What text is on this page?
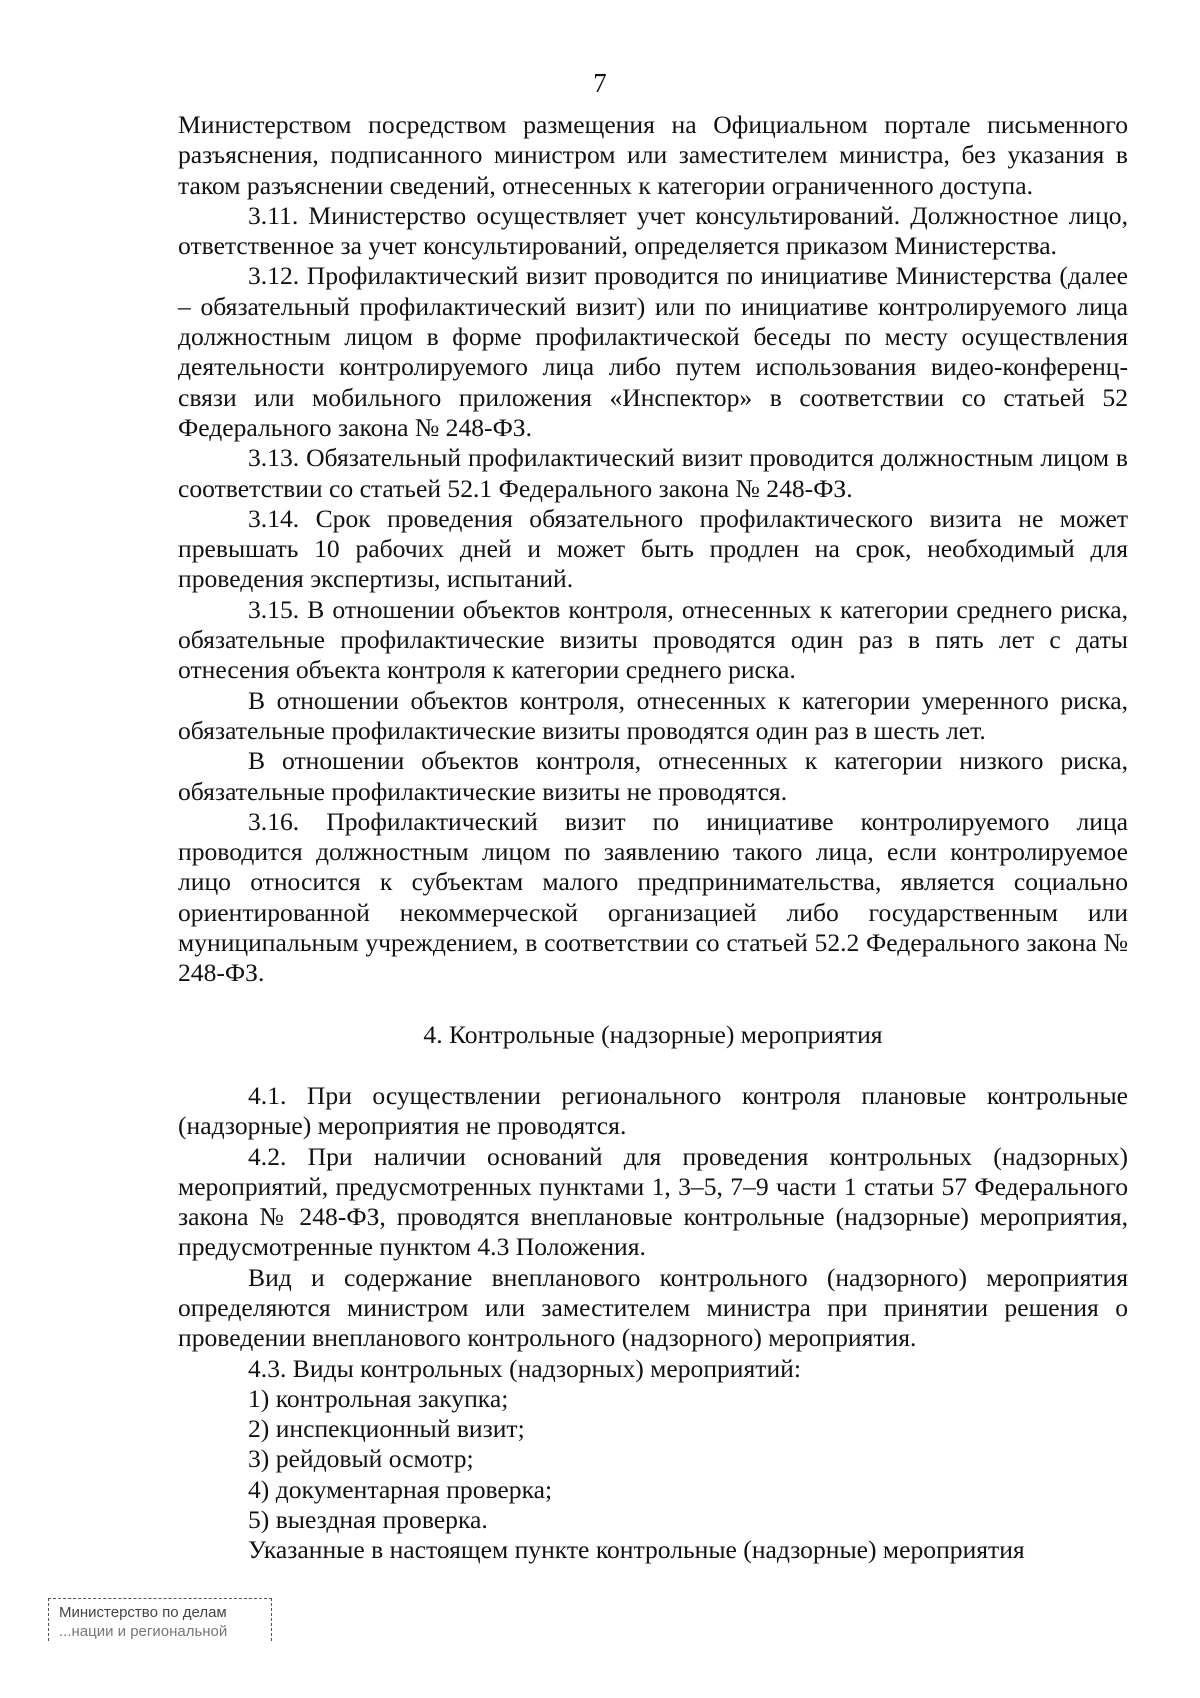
7

Министерством посредством размещения на Официальном портале письменного разъяснения, подписанного министром или заместителем министра, без указания в таком разъяснении сведений, отнесенных к категории ограниченного доступа.

3.11. Министерство осуществляет учет консультирований. Должностное лицо, ответственное за учет консультирований, определяется приказом Министерства.

3.12. Профилактический визит проводится по инициативе Министерства (далее – обязательный профилактический визит) или по инициативе контролируемого лица должностным лицом в форме профилактической беседы по месту осуществления деятельности контролируемого лица либо путем использования видео-конференц-связи или мобильного приложения «Инспектор» в соответствии со статьей 52 Федерального закона № 248-ФЗ.

3.13. Обязательный профилактический визит проводится должностным лицом в соответствии со статьей 52.1 Федерального закона № 248-ФЗ.

3.14. Срок проведения обязательного профилактического визита не может превышать 10 рабочих дней и может быть продлен на срок, необходимый для проведения экспертизы, испытаний.

3.15. В отношении объектов контроля, отнесенных к категории среднего риска, обязательные профилактические визиты проводятся один раз в пять лет с даты отнесения объекта контроля к категории среднего риска.

В отношении объектов контроля, отнесенных к категории умеренного риска, обязательные профилактические визиты проводятся один раз в шесть лет.

В отношении объектов контроля, отнесенных к категории низкого риска, обязательные профилактические визиты не проводятся.

3.16. Профилактический визит по инициативе контролируемого лица проводится должностным лицом по заявлению такого лица, если контролируемое лицо относится к субъектам малого предпринимательства, является социально ориентированной некоммерческой организацией либо государственным или муниципальным учреждением, в соответствии со статьей 52.2 Федерального закона № 248-ФЗ.

4. Контрольные (надзорные) мероприятия

4.1. При осуществлении регионального контроля плановые контрольные (надзорные) мероприятия не проводятся.

4.2. При наличии оснований для проведения контрольных (надзорных) мероприятий, предусмотренных пунктами 1, 3–5, 7–9 части 1 статьи 57 Федерального закона № 248-ФЗ, проводятся внеплановые контрольные (надзорные) мероприятия, предусмотренные пунктом 4.3 Положения.

Вид и содержание внепланового контрольного (надзорного) мероприятия определяются министром или заместителем министра при принятии решения о проведении внепланового контрольного (надзорного) мероприятия.

4.3. Виды контрольных (надзорных) мероприятий:

1) контрольная закупка;

2) инспекционный визит;

3) рейдовый осмотр;

4) документарная проверка;

5) выездная проверка.

Указанные в настоящем пункте контрольные (надзорные) мероприятия

Министерство по делам
...нации и региональной
